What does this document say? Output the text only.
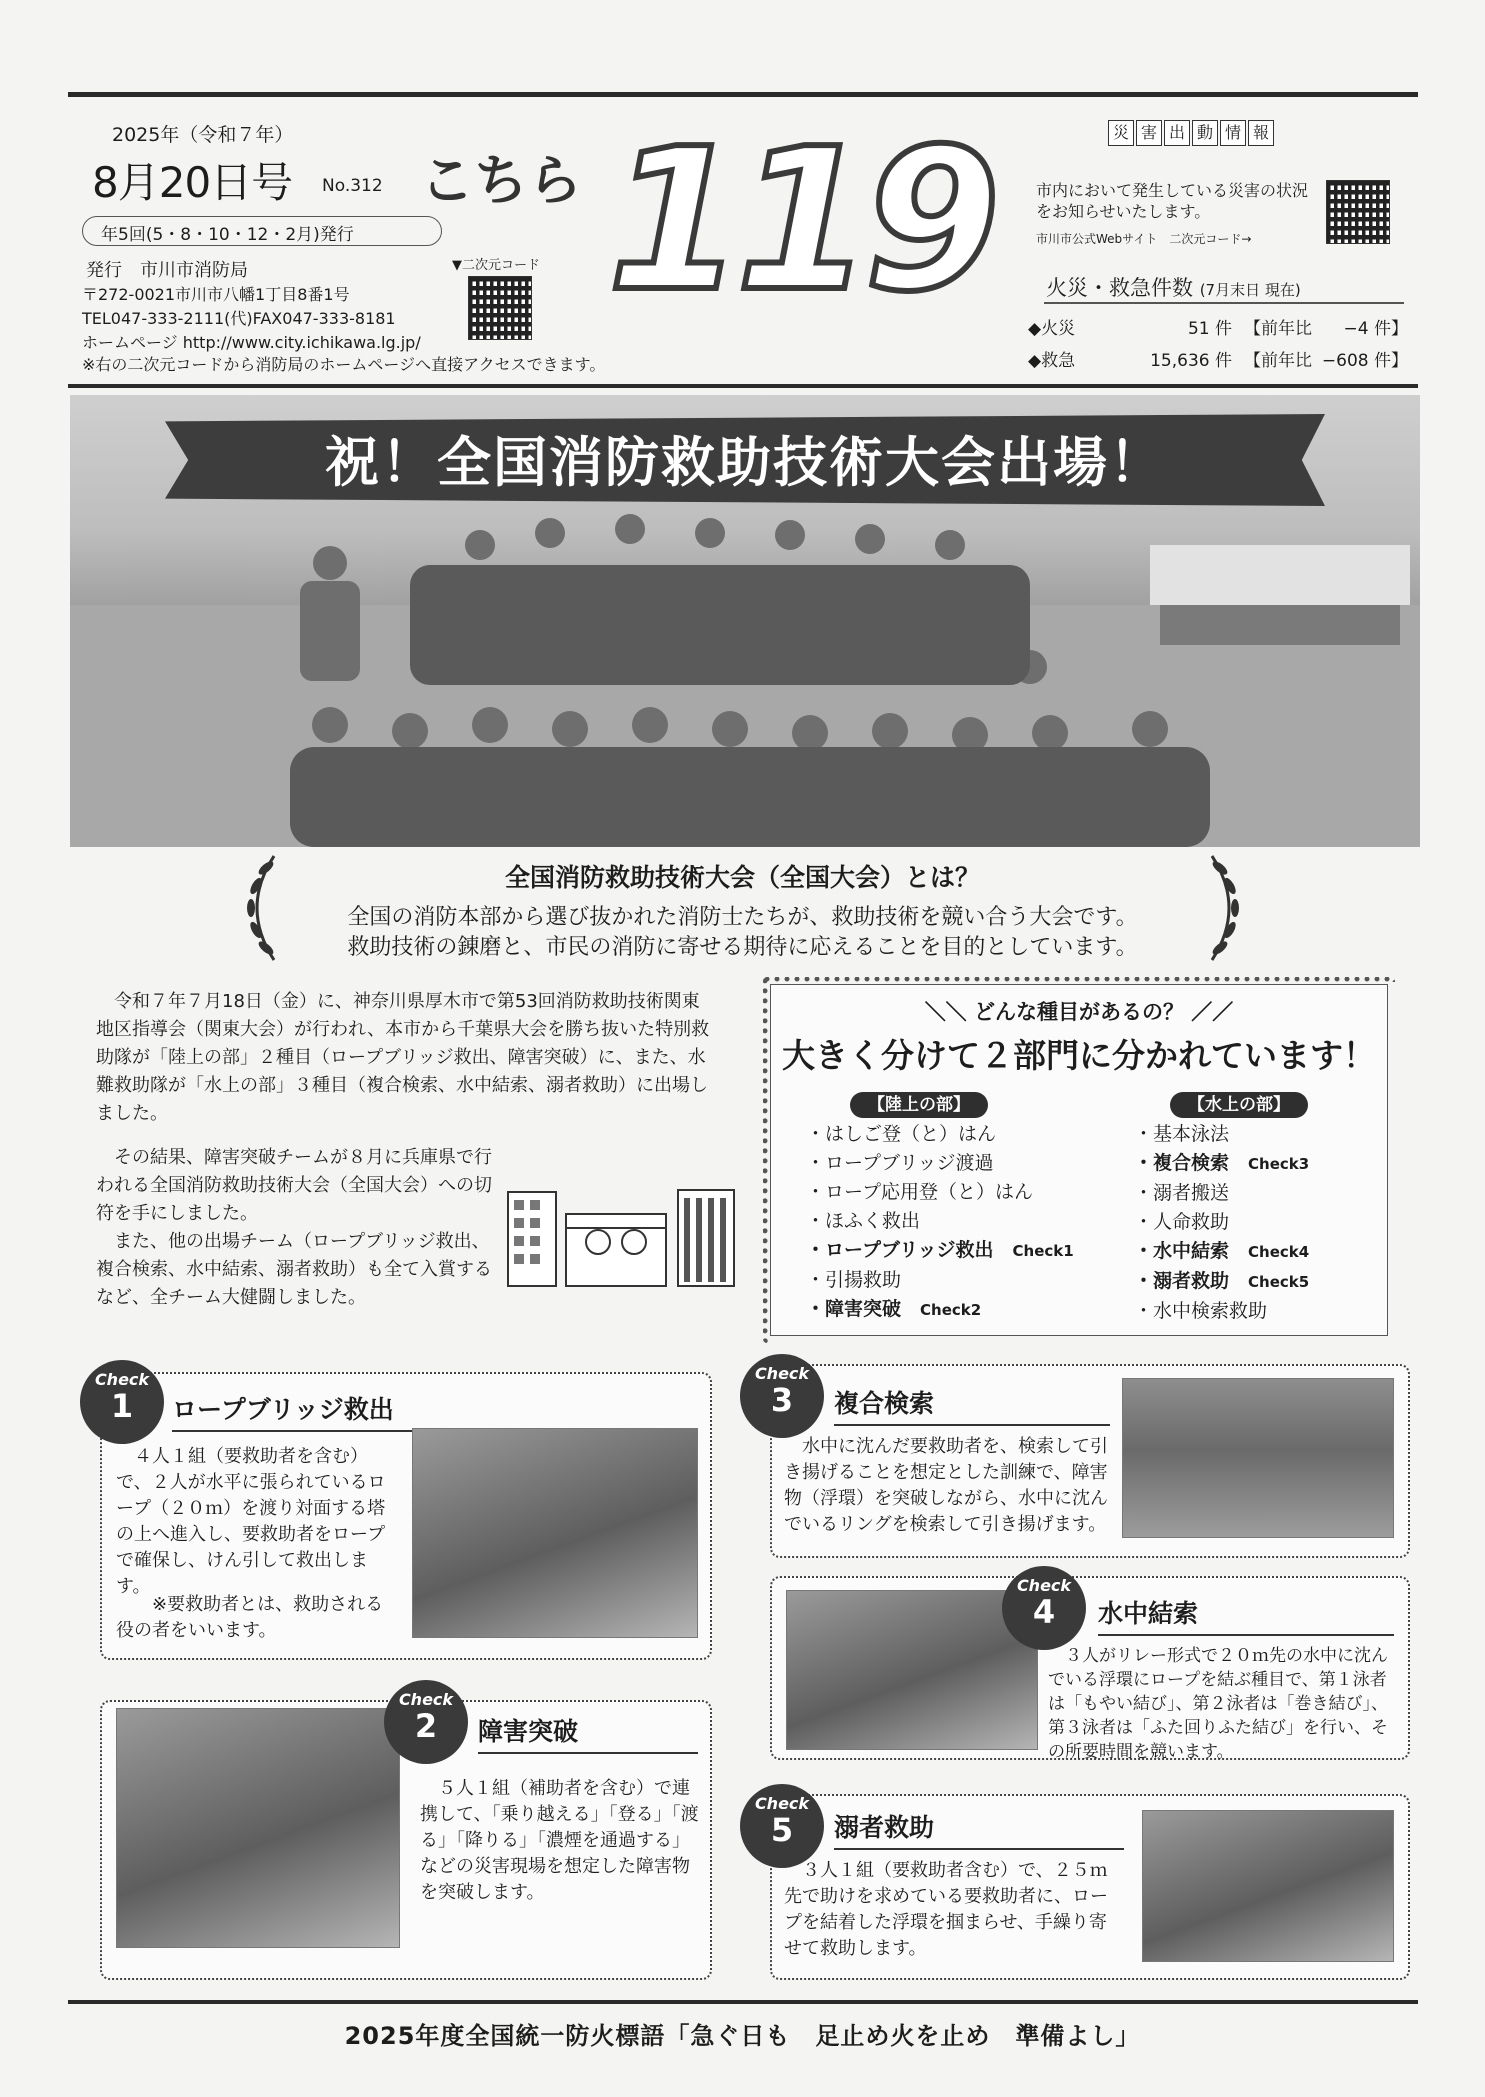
2025年（令和７年）
8月20日号 No.312 こちら
年5回(5・8・10・12・2月)発行
発行　市川市消防局
〒272-0021市川市八幡1丁目8番1号
TEL047-333-2111(代)FAX047-333-8181
ホームページ http://www.city.ichikawa.lg.jp/
※右の二次元コードから消防局のホームページへ直接アクセスできます。
▼二次元コード 119	災 害 出 動 情 報
市内において発生している災害の状況をお知らせいたします。
市川市公式Webサイト　二次元コード→
火災・救急件数 (7月末日 現在)
◆火災	51 件 【前年比 −4 件】
◆救急	15,636 件 【前年比 −608 件】
祝！全国消防救助技術大会出場！
全国消防救助技術大会（全国大会）とは？
全国の消防本部から選び抜かれた消防士たちが、救助技術を競い合う大会です。
救助技術の錬磨と、市民の消防に寄せる期待に応えることを目的としています。
令和７年７月18日（金）に、神奈川県厚木市で第53回消防救助技術関東地区指導会（関東大会）が行われ、本市から千葉県大会を勝ち抜いた特別救助隊が「陸上の部」２種目（ロープブリッジ救出、障害突破）に、また、水難救助隊が「水上の部」３種目（複合検索、水中結索、溺者救助）に出場しました。
その結果、障害突破チームが８月に兵庫県で行われる全国消防救助技術大会（全国大会）への切符を手にしました。
また、他の出場チーム（ロープブリッジ救出、複合検索、水中結索、溺者救助）も全て入賞するなど、全チーム大健闘しました。
＼＼ どんな種目があるの？ ／／
大きく分けて２部門に分かれています！
【陸上の部】	【水上の部】
・はしご登（と）はん
・ロープブリッジ渡過
・ロープ応用登（と）はん
・ほふく救出
・ロープブリッジ救出　 Check1
・引揚救助
・障害突破　 Check2
・基本泳法
・複合検索　 Check3
・溺者搬送
・人命救助
・水中結索　 Check4
・溺者救助　 Check5
・水中検索救助
Check
1	ロープブリッジ救出
４人１組（要救助者を含む）で、２人が水平に張られているロープ（２０ｍ）を渡り対面する塔の上へ進入し、要救助者をロープで確保し、けん引して救出します。
※要救助者とは、救助される役の者をいいます。
Check
2	障害突破
５人１組（補助者を含む）で連携して、「乗り越える」「登る」「渡る」「降りる」「濃煙を通過する」などの災害現場を想定した障害物を突破します。
Check
3	複合検索
水中に沈んだ要救助者を、検索して引き揚げることを想定とした訓練で、障害物（浮環）を突破しながら、水中に沈んでいるリングを検索して引き揚げます。
Check
4	水中結索
３人がリレー形式で２０ｍ先の水中に沈んでいる浮環にロープを結ぶ種目で、第１泳者は「もやい結び」、第２泳者は「巻き結び」、第３泳者は「ふた回りふた結び」を行い、その所要時間を競います。
Check
5	溺者救助
３人１組（要救助者含む）で、２５ｍ先で助けを求めている要救助者に、ロープを結着した浮環を掴まらせ、手繰り寄せて救助します。
2025年度全国統一防火標語「急ぐ日も　足止め火を止め　準備よし」
